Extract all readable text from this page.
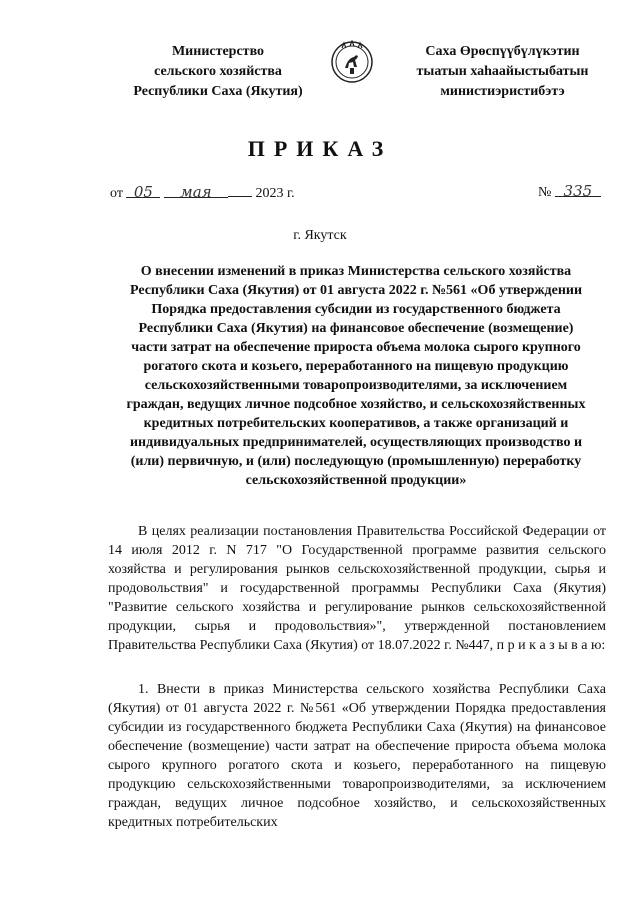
Министерство
сельского хозяйства
Республики Саха (Якутия)
Саха Өрөспүүбүлүкэтин
тыатын хаһаайыстыбатын
министиэристибэтэ
ПРИКАЗ
от 05 мая	2023 г.	№ 335
г. Якутск
О внесении изменений в приказ Министерства сельского хозяйства
Республики Саха (Якутия) от 01 августа 2022 г. №561 «Об утверждении
Порядка предоставления субсидии из государственного бюджета
Республики Саха (Якутия) на финансовое обеспечение (возмещение)
части затрат на обеспечение прироста объема молока сырого крупного
рогатого скота и козьего, переработанного на пищевую продукцию
сельскохозяйственными товаропроизводителями, за исключением
граждан, ведущих личное подсобное хозяйство, и сельскохозяйственных
кредитных потребительских кооперативов, а также организаций и
индивидуальных предпринимателей, осуществляющих производство и
(или) первичную, и (или) последующую (промышленную) переработку
сельскохозяйственной продукции»
В целях реализации постановления Правительства Российской Федерации от 14 июля 2012 г. N 717 "О Государственной программе развития сельского хозяйства и регулирования рынков сельскохозяйственной продукции, сырья и продовольствия" и государственной программы Республики Саха (Якутия) "Развитие сельского хозяйства и регулирование рынков сельскохозяйственной продукции, сырья и продовольствия»", утвержденной постановлением Правительства Республики Саха (Якутия) от 18.07.2022 г. №447, п р и к а з ы в а ю:
1. Внести в приказ Министерства сельского хозяйства Республики Саха (Якутия) от 01 августа 2022 г. №561 «Об утверждении Порядка предоставления субсидии из государственного бюджета Республики Саха (Якутия) на финансовое обеспечение (возмещение) части затрат на обеспечение прироста объема молока сырого крупного рогатого скота и козьего, переработанного на пищевую продукцию сельскохозяйственными товаропроизводителями, за исключением граждан, ведущих личное подсобное хозяйство, и сельскохозяйственных кредитных потребительских
